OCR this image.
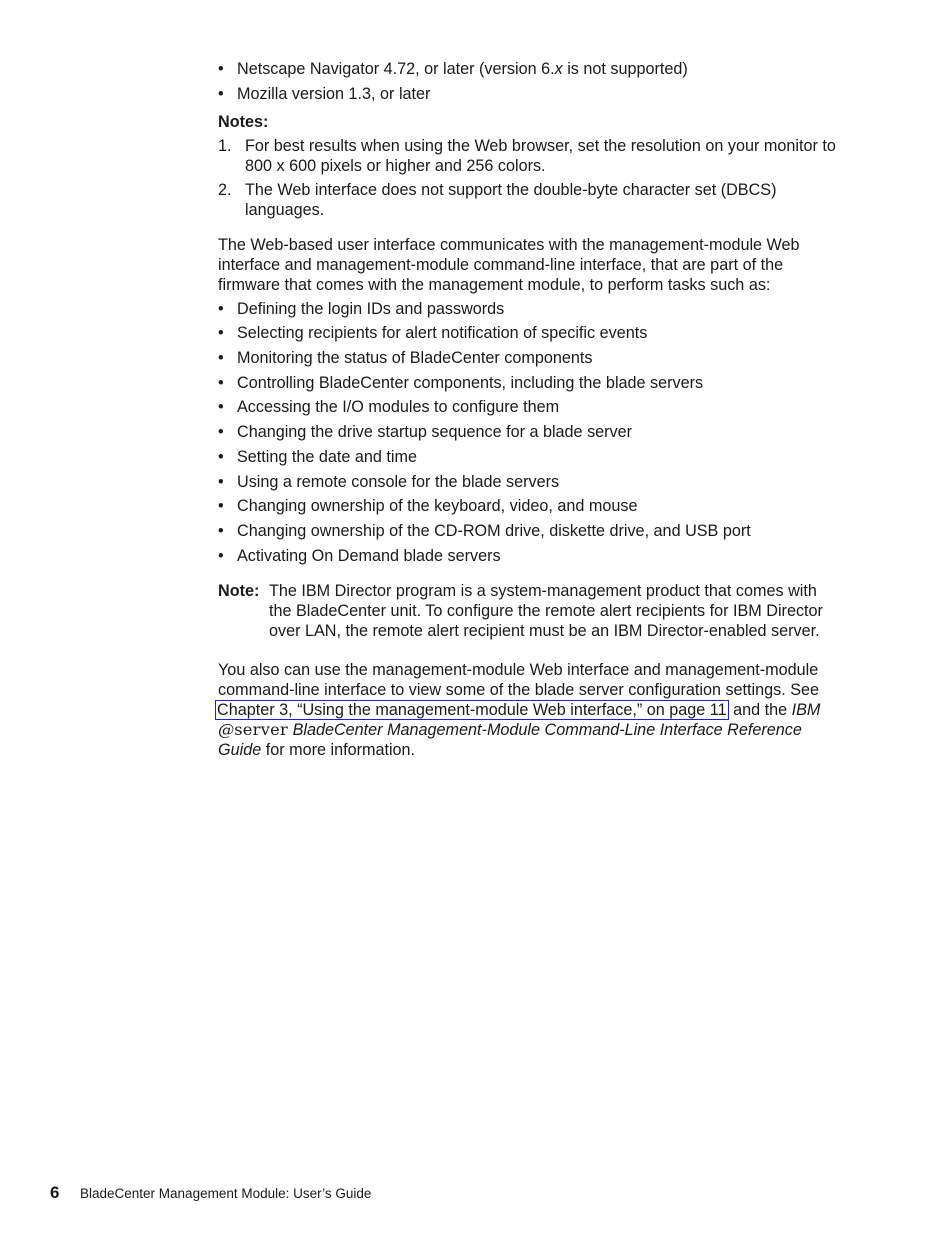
• Netscape Navigator 4.72, or later (version 6.x is not supported)
• Mozilla version 1.3, or later
Notes:
1. For best results when using the Web browser, set the resolution on your monitor to 800 x 600 pixels or higher and 256 colors.
2. The Web interface does not support the double-byte character set (DBCS) languages.

The Web-based user interface communicates with the management-module Web interface and management-module command-line interface, that are part of the firmware that comes with the management module, to perform tasks such as:

• Defining the login IDs and passwords
• Selecting recipients for alert notification of specific events
• Monitoring the status of BladeCenter components
• Controlling BladeCenter components, including the blade servers
• Accessing the I/O modules to configure them
• Changing the drive startup sequence for a blade server
• Setting the date and time
• Using a remote console for the blade servers
• Changing ownership of the keyboard, video, and mouse
• Changing ownership of the CD-ROM drive, diskette drive, and USB port
• Activating On Demand blade servers
Note: The IBM Director program is a system-management product that comes with the BladeCenter unit. To configure the remote alert recipients for IBM Director over LAN, the remote alert recipient must be an IBM Director-enabled server.

You also can use the management-module Web interface and management-module command-line interface to view some of the blade server configuration settings. See Chapter 3, “Using the management-module Web interface,” on page 11 and the IBM @server BladeCenter Management-Module Command-Line Interface Reference Guide for more information.

6	BladeCenter Management Module: User’s Guide
